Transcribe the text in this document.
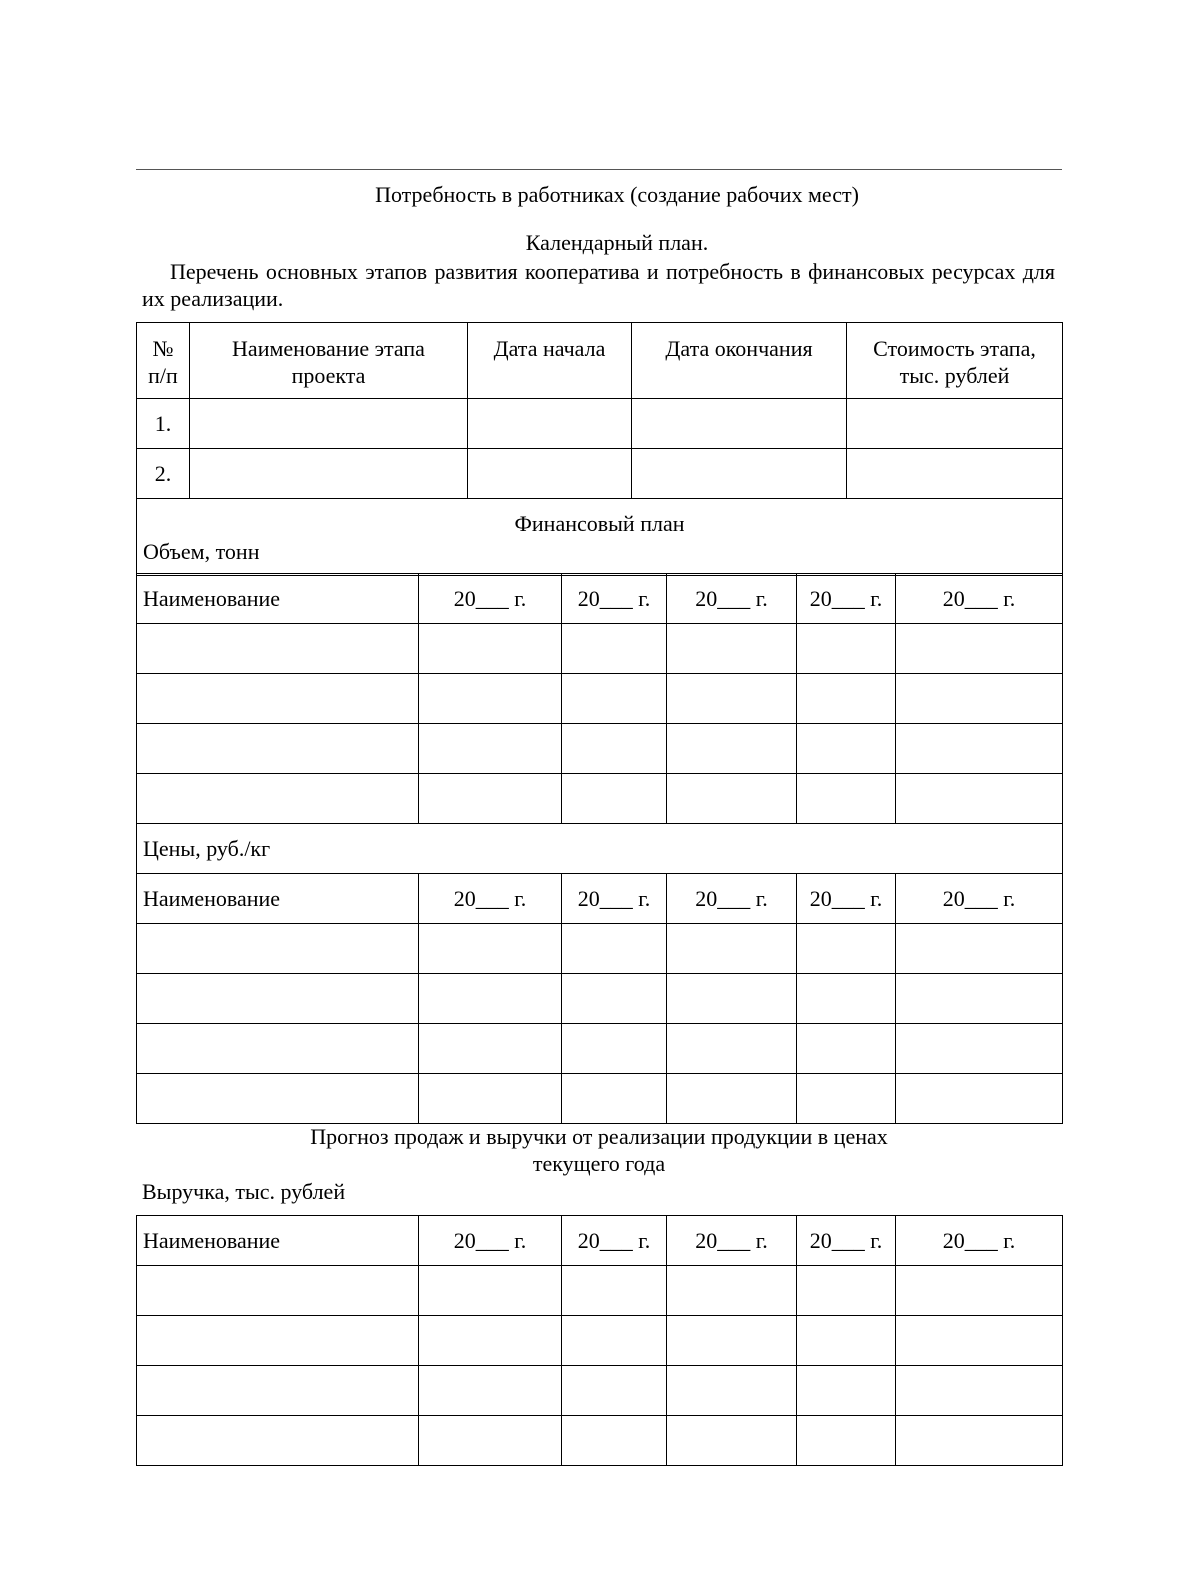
Потребность в работниках (создание рабочих мест)
Календарный план.
Перечень основных этапов развития кооператива и потребность в финансовых ресурсах для их реализации.
№ п/п	Наименование этапа проекта	Дата начала	Дата окончания	Стоимость этапа, тыс. рублей
1.				
2.				

Финансовый план
Объем, тонн				
Наименование	20___ г.	20___ г.	20___ г.	20___ г.	20___ г.

Цены, руб./кг					
Наименование	20___ г.	20___ г.	20___ г.	20___ г.	20___ г.

Прогноз продаж и выручки от реализации продукции в ценах
текущего года
Выручка, тыс. рублей
Наименование	20___ г.	20___ г.	20___ г.	20___ г.	20___ г.
